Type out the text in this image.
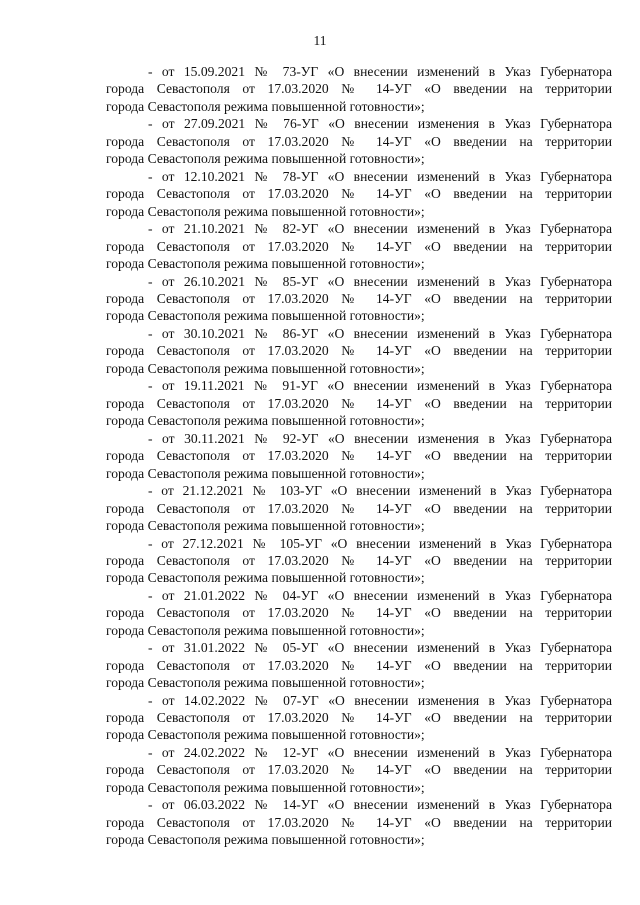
11
- от 15.09.2021 № 73-УГ «О внесении изменений в Указ Губернатора
города Севастополя от 17.03.2020 № 14-УГ «О введении на территории
города Севастополя режима повышенной готовности»;
- от 27.09.2021 № 76-УГ «О внесении изменения в Указ Губернатора
города Севастополя от 17.03.2020 № 14-УГ «О введении на территории
города Севастополя режима повышенной готовности»;
- от 12.10.2021 № 78-УГ «О внесении изменений в Указ Губернатора
города Севастополя от 17.03.2020 № 14-УГ «О введении на территории
города Севастополя режима повышенной готовности»;
- от 21.10.2021 № 82-УГ «О внесении изменений в Указ Губернатора
города Севастополя от 17.03.2020 № 14-УГ «О введении на территории
города Севастополя режима повышенной готовности»;
- от 26.10.2021 № 85-УГ «О внесении изменений в Указ Губернатора
города Севастополя от 17.03.2020 № 14-УГ «О введении на территории
города Севастополя режима повышенной готовности»;
- от 30.10.2021 № 86-УГ «О внесении изменений в Указ Губернатора
города Севастополя от 17.03.2020 № 14-УГ «О введении на территории
города Севастополя режима повышенной готовности»;
- от 19.11.2021 № 91-УГ «О внесении изменений в Указ Губернатора
города Севастополя от 17.03.2020 № 14-УГ «О введении на территории
города Севастополя режима повышенной готовности»;
- от 30.11.2021 № 92-УГ «О внесении изменения в Указ Губернатора
города Севастополя от 17.03.2020 № 14-УГ «О введении на территории
города Севастополя режима повышенной готовности»;
- от 21.12.2021 № 103-УГ «О внесении изменений в Указ Губернатора
города Севастополя от 17.03.2020 № 14-УГ «О введении на территории
города Севастополя режима повышенной готовности»;
- от 27.12.2021 № 105-УГ «О внесении изменений в Указ Губернатора
города Севастополя от 17.03.2020 № 14-УГ «О введении на территории
города Севастополя режима повышенной готовности»;
- от 21.01.2022 № 04-УГ «О внесении изменений в Указ Губернатора
города Севастополя от 17.03.2020 № 14-УГ «О введении на территории
города Севастополя режима повышенной готовности»;
- от 31.01.2022 № 05-УГ «О внесении изменений в Указ Губернатора
города Севастополя от 17.03.2020 № 14-УГ «О введении на территории
города Севастополя режима повышенной готовности»;
- от 14.02.2022 № 07-УГ «О внесении изменения в Указ Губернатора
города Севастополя от 17.03.2020 № 14-УГ «О введении на территории
города Севастополя режима повышенной готовности»;
- от 24.02.2022 № 12-УГ «О внесении изменений в Указ Губернатора
города Севастополя от 17.03.2020 № 14-УГ «О введении на территории
города Севастополя режима повышенной готовности»;
- от 06.03.2022 № 14-УГ «О внесении изменений в Указ Губернатора
города Севастополя от 17.03.2020 № 14-УГ «О введении на территории
города Севастополя режима повышенной готовности»;
